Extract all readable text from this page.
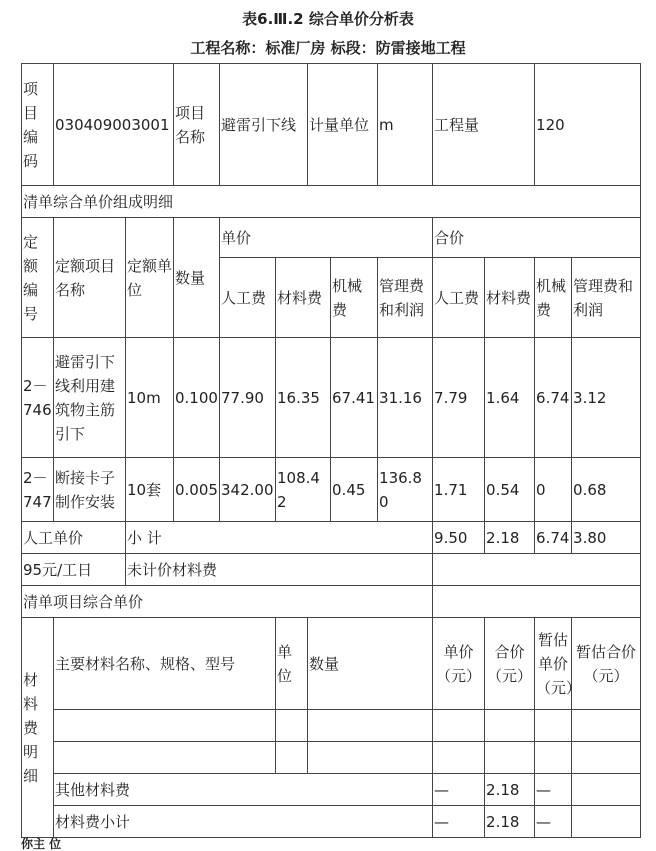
表6.Ⅲ.2 综合单价分析表
工程名称：标准厂房 标段：防雷接地工程
项目编码	030409003001		项目名称	避雷引下线		计量单位		m	工程量		120	
清单综合单价组成明细												
定额编号	定额项目名称	定额单位	数量	单价					合价			
				人工费	材料费		机械费	管理费和利润	人工费	材料费	机械费	管理费和利润
2－746	避雷引下线利用建筑物主筋引下	10m	0.100	77.90	16.35		67.41	31.16	7.79	1.64	6.74	3.12
2－747	断接卡子制作安装	10套	0.005	342.00	108.42		0.45	136.80	1.71	0.54	0	0.68
人工单价		小 计							9.50	2.18	6.74	3.80
95元/工日		未计价材料费										
清单项目综合单价												
材料费明细	主要材料名称、规格、型号				单位	数量			单价（元）	合价（元）	暂估单价（元）	暂估合价（元）

	其他材料费								—	2.18	—	
	材料费小计								—	2.18	—	
你主 位
